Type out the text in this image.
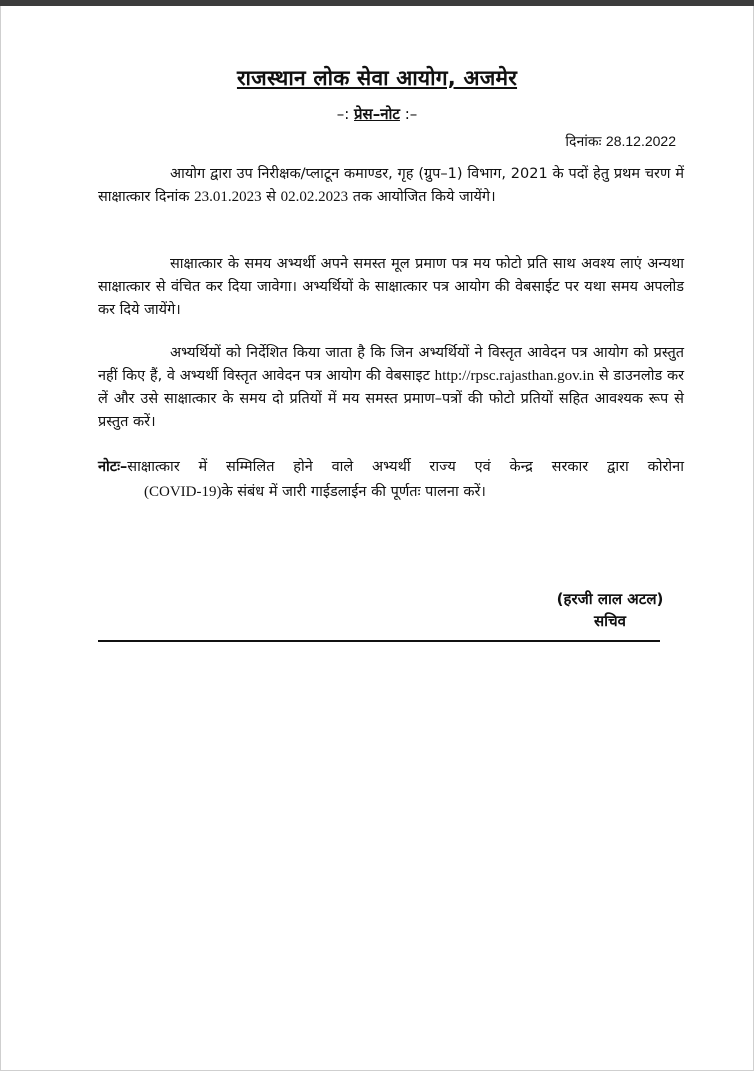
राजस्थान लोक सेवा आयोग, अजमेर
–: प्रेस–नोट :–
दिनांकः 28.12.2022
आयोग द्वारा उप निरीक्षक/प्लाटून कमाण्डर, गृह (ग्रुप–1) विभाग, 2021 के पदों हेतु प्रथम चरण में साक्षात्कार दिनांक 23.01.2023 से 02.02.2023 तक आयोजित किये जायेंगे।
साक्षात्कार के समय अभ्यर्थी अपने समस्त मूल प्रमाण पत्र मय फोटो प्रति साथ अवश्य लाएं अन्यथा साक्षात्कार से वंचित कर दिया जावेगा। अभ्यर्थियों के साक्षात्कार पत्र आयोग की वेबसाईट पर यथा समय अपलोड कर दिये जायेंगे।
अभ्यर्थियों को निर्देशित किया जाता है कि जिन अभ्यर्थियों ने विस्तृत आवेदन पत्र आयोग को प्रस्तुत नहीं किए हैं, वे अभ्यर्थी विस्तृत आवेदन पत्र आयोग की वेबसाइट http://rpsc.rajasthan.gov.in से डाउनलोड कर लें और उसे साक्षात्कार के समय दो प्रतियों में मय समस्त प्रमाण–पत्रों की फोटो प्रतियों सहित आवश्यक रूप से प्रस्तुत करें।
नोटः–साक्षात्कार में सम्मिलित होने वाले अभ्यर्थी राज्य एवं केन्द्र सरकार द्वारा कोरोना
(COVID-19)के संबंध में जारी गाईडलाईन की पूर्णतः पालना करें।
(हरजी लाल अटल)
सचिव
